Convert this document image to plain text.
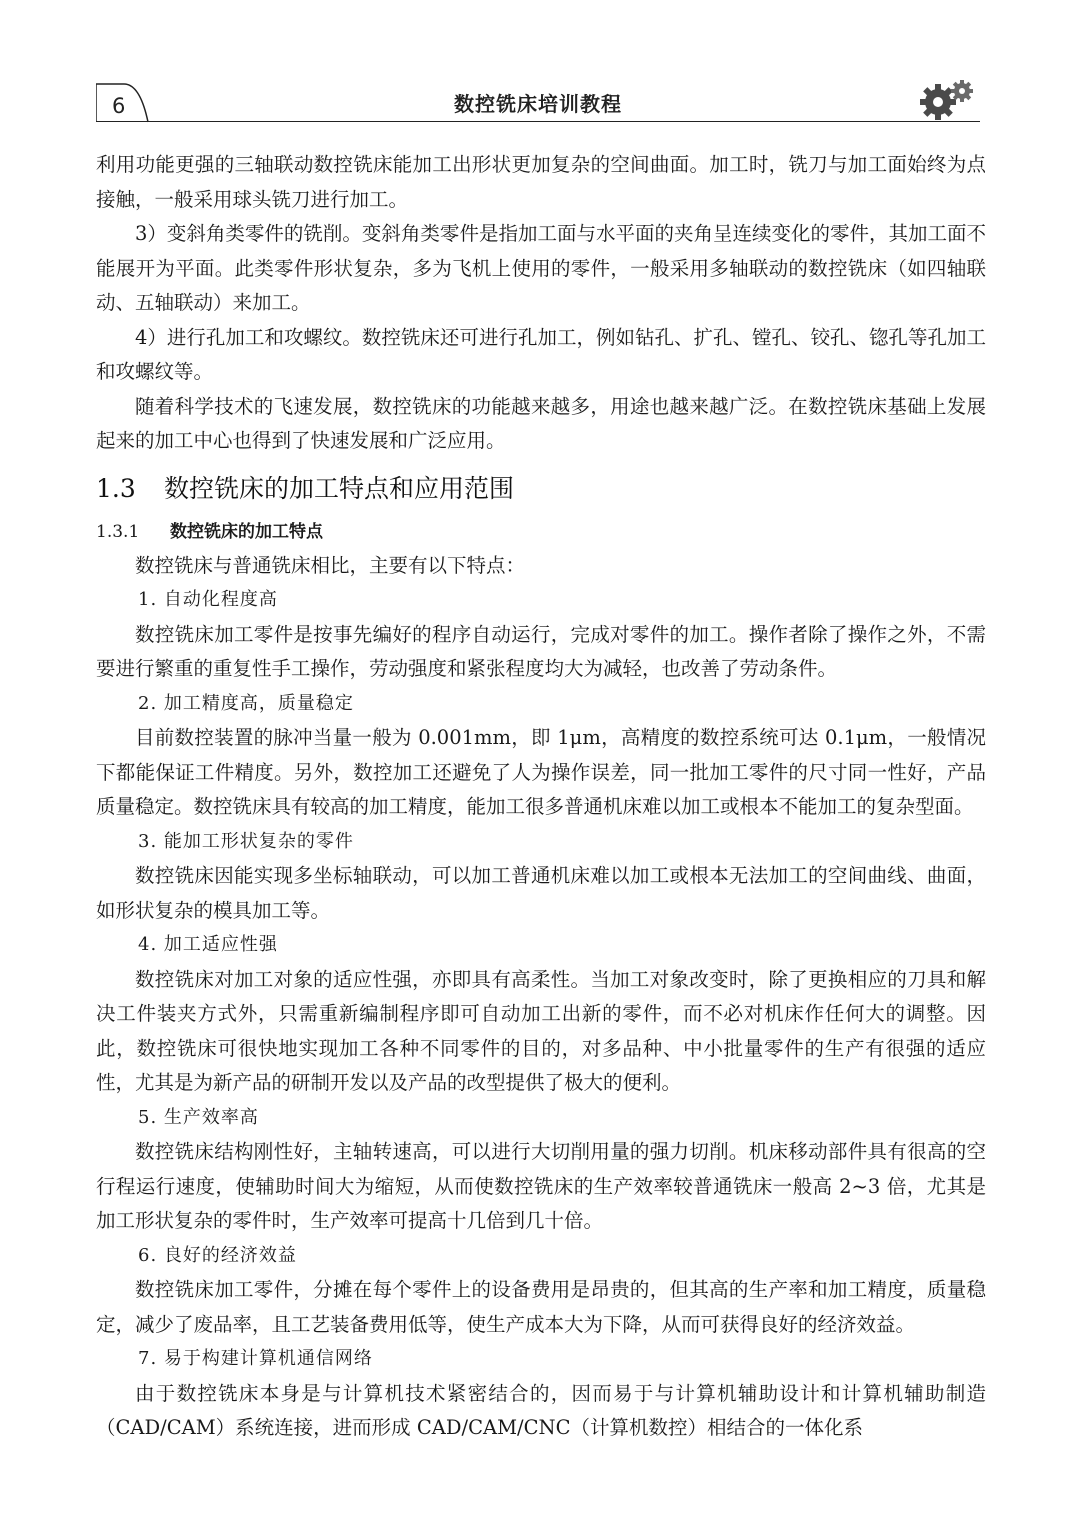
6	数控铣床培训教程

利用功能更强的三轴联动数控铣床能加工出形状更加复杂的空间曲面。加工时，铣刀与加工面始终为点接触，一般采用球头铣刀进行加工。

3）变斜角类零件的铣削。变斜角类零件是指加工面与水平面的夹角呈连续变化的零件，其加工面不能展开为平面。此类零件形状复杂，多为飞机上使用的零件，一般采用多轴联动的数控铣床（如四轴联动、五轴联动）来加工。

4）进行孔加工和攻螺纹。数控铣床还可进行孔加工，例如钻孔、扩孔、镗孔、铰孔、锪孔等孔加工和攻螺纹等。

随着科学技术的飞速发展，数控铣床的功能越来越多，用途也越来越广泛。在数控铣床基础上发展起来的加工中心也得到了快速发展和广泛应用。

1.3 数控铣床的加工特点和应用范围
1.3.1 数控铣床的加工特点

数控铣床与普通铣床相比，主要有以下特点：

1. 自动化程度高

数控铣床加工零件是按事先编好的程序自动运行，完成对零件的加工。操作者除了操作之外，不需要进行繁重的重复性手工操作，劳动强度和紧张程度均大为减轻，也改善了劳动条件。

2. 加工精度高，质量稳定

目前数控装置的脉冲当量一般为 0.001mm，即 1μm，高精度的数控系统可达 0.1μm，一般情况下都能保证工件精度。另外，数控加工还避免了人为操作误差，同一批加工零件的尺寸同一性好，产品质量稳定。数控铣床具有较高的加工精度，能加工很多普通机床难以加工或根本不能加工的复杂型面。

3. 能加工形状复杂的零件

数控铣床因能实现多坐标轴联动，可以加工普通机床难以加工或根本无法加工的空间曲线、曲面，如形状复杂的模具加工等。

4. 加工适应性强

数控铣床对加工对象的适应性强，亦即具有高柔性。当加工对象改变时，除了更换相应的刀具和解决工件装夹方式外，只需重新编制程序即可自动加工出新的零件，而不必对机床作任何大的调整。因此，数控铣床可很快地实现加工各种不同零件的目的，对多品种、中小批量零件的生产有很强的适应性，尤其是为新产品的研制开发以及产品的改型提供了极大的便利。

5. 生产效率高

数控铣床结构刚性好，主轴转速高，可以进行大切削用量的强力切削。机床移动部件具有很高的空行程运行速度，使辅助时间大为缩短，从而使数控铣床的生产效率较普通铣床一般高 2~3 倍，尤其是加工形状复杂的零件时，生产效率可提高十几倍到几十倍。

6. 良好的经济效益

数控铣床加工零件，分摊在每个零件上的设备费用是昂贵的，但其高的生产率和加工精度，质量稳定，减少了废品率，且工艺装备费用低等，使生产成本大为下降，从而可获得良好的经济效益。

7. 易于构建计算机通信网络

由于数控铣床本身是与计算机技术紧密结合的，因而易于与计算机辅助设计和计算机辅助制造（CAD/CAM）系统连接，进而形成 CAD/CAM/CNC（计算机数控）相结合的一体化系
